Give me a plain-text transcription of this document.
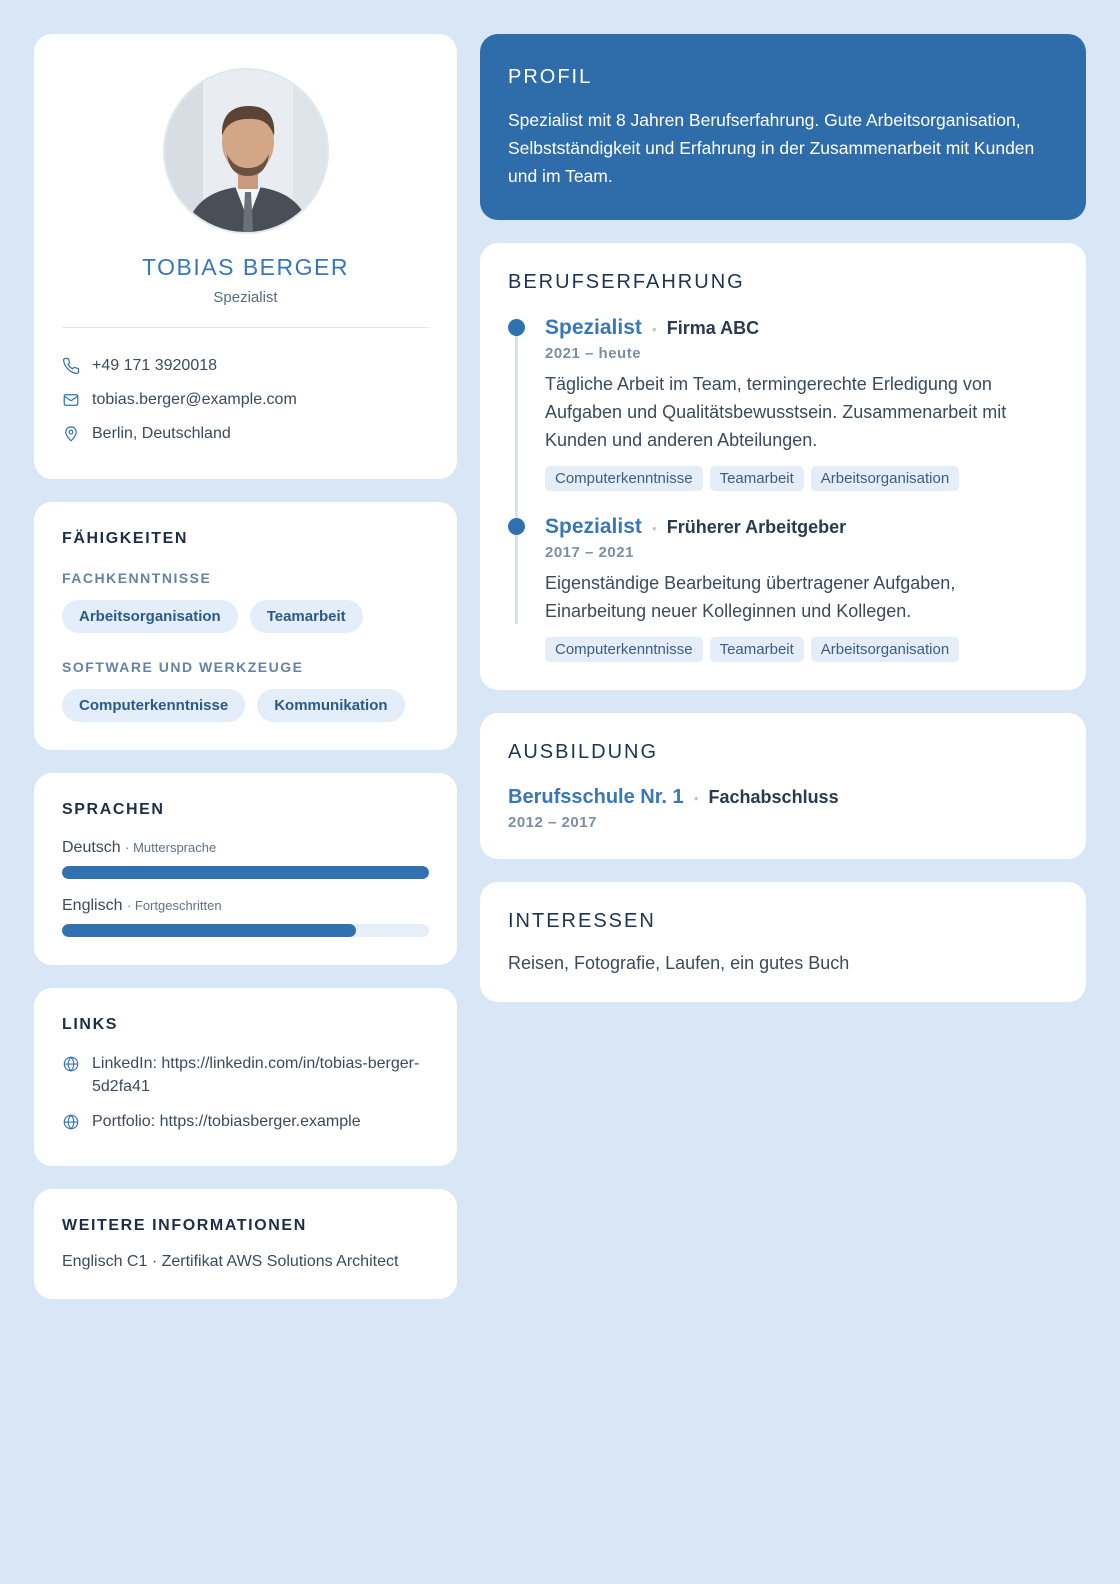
TOBIAS BERGER
Spezialist
+49 171 3920018
tobias.berger@example.com
Berlin, Deutschland
FÄHIGKEITEN
FACHKENNTNISSE
Arbeitsorganisation	Teamarbeit
SOFTWARE UND WERKZEUGE
Computerkenntnisse	Kommunikation
SPRACHEN
Deutsch · Muttersprache
Englisch · Fortgeschritten
LINKS
LinkedIn: https://linkedin.com/in/tobias-berger-5d2fa41
Portfolio: https://tobiasberger.example
WEITERE INFORMATIONEN
Englisch C1 · Zertifikat AWS Solutions Architect
PROFIL
Spezialist mit 8 Jahren Berufserfahrung. Gute Arbeitsorganisation, Selbstständigkeit und Erfahrung in der Zusammenarbeit mit Kunden und im Team.
BERUFSERFAHRUNG
Spezialist • Firma ABC
2021 – heute
Tägliche Arbeit im Team, termingerechte Erledigung von Aufgaben und Qualitätsbewusstsein. Zusammenarbeit mit Kunden und anderen Abteilungen.
Computerkenntnisse	Teamarbeit	Arbeitsorganisation
Spezialist • Früherer Arbeitgeber
2017 – 2021
Eigenständige Bearbeitung übertragener Aufgaben, Einarbeitung neuer Kolleginnen und Kollegen.
Computerkenntnisse	Teamarbeit	Arbeitsorganisation
AUSBILDUNG
Berufsschule Nr. 1 • Fachabschluss
2012 – 2017
INTERESSEN
Reisen, Fotografie, Laufen, ein gutes Buch
